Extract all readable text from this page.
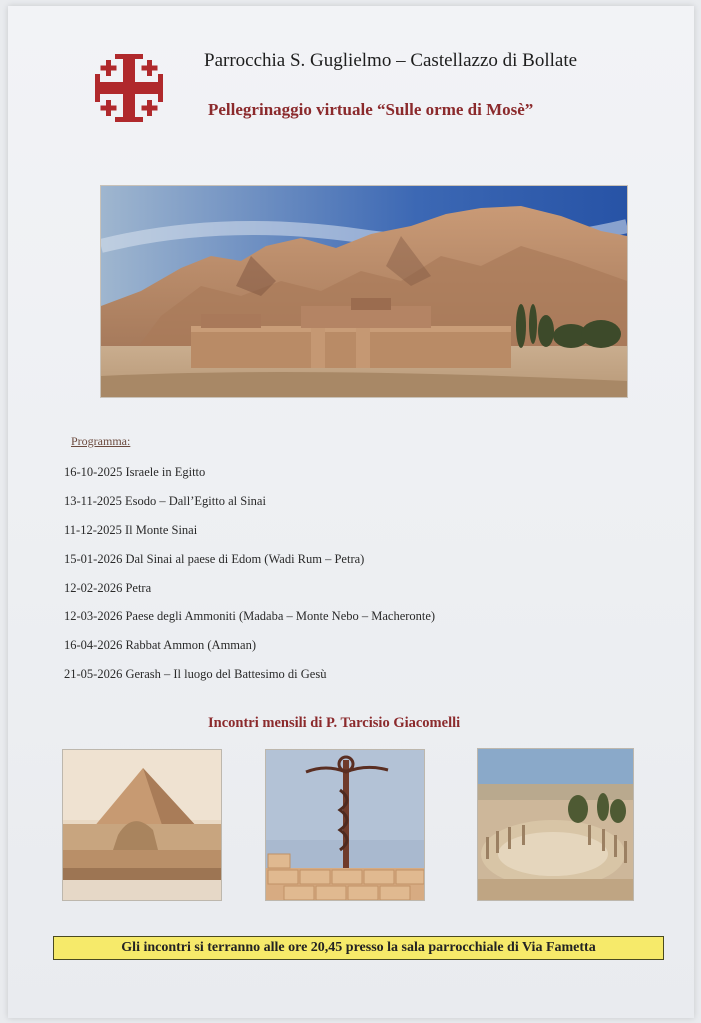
Parrocchia S. Guglielmo – Castellazzo di Bollate
Pellegrinaggio virtuale “Sulle orme di Mosè”
Programma:
16-10-2025 Israele in Egitto
13-11-2025 Esodo – Dall’Egitto al Sinai
11-12-2025 Il Monte Sinai
15-01-2026 Dal Sinai al paese di Edom (Wadi Rum – Petra)
12-02-2026 Petra
12-03-2026 Paese degli Ammoniti (Madaba – Monte Nebo – Macheronte)
16-04-2026 Rabbat Ammon (Amman)
21-05-2026 Gerash – Il luogo del Battesimo di Gesù
Incontri mensili di P. Tarcisio Giacomelli
Gli incontri si terranno alle ore 20,45 presso la sala parrocchiale di Via Fametta
